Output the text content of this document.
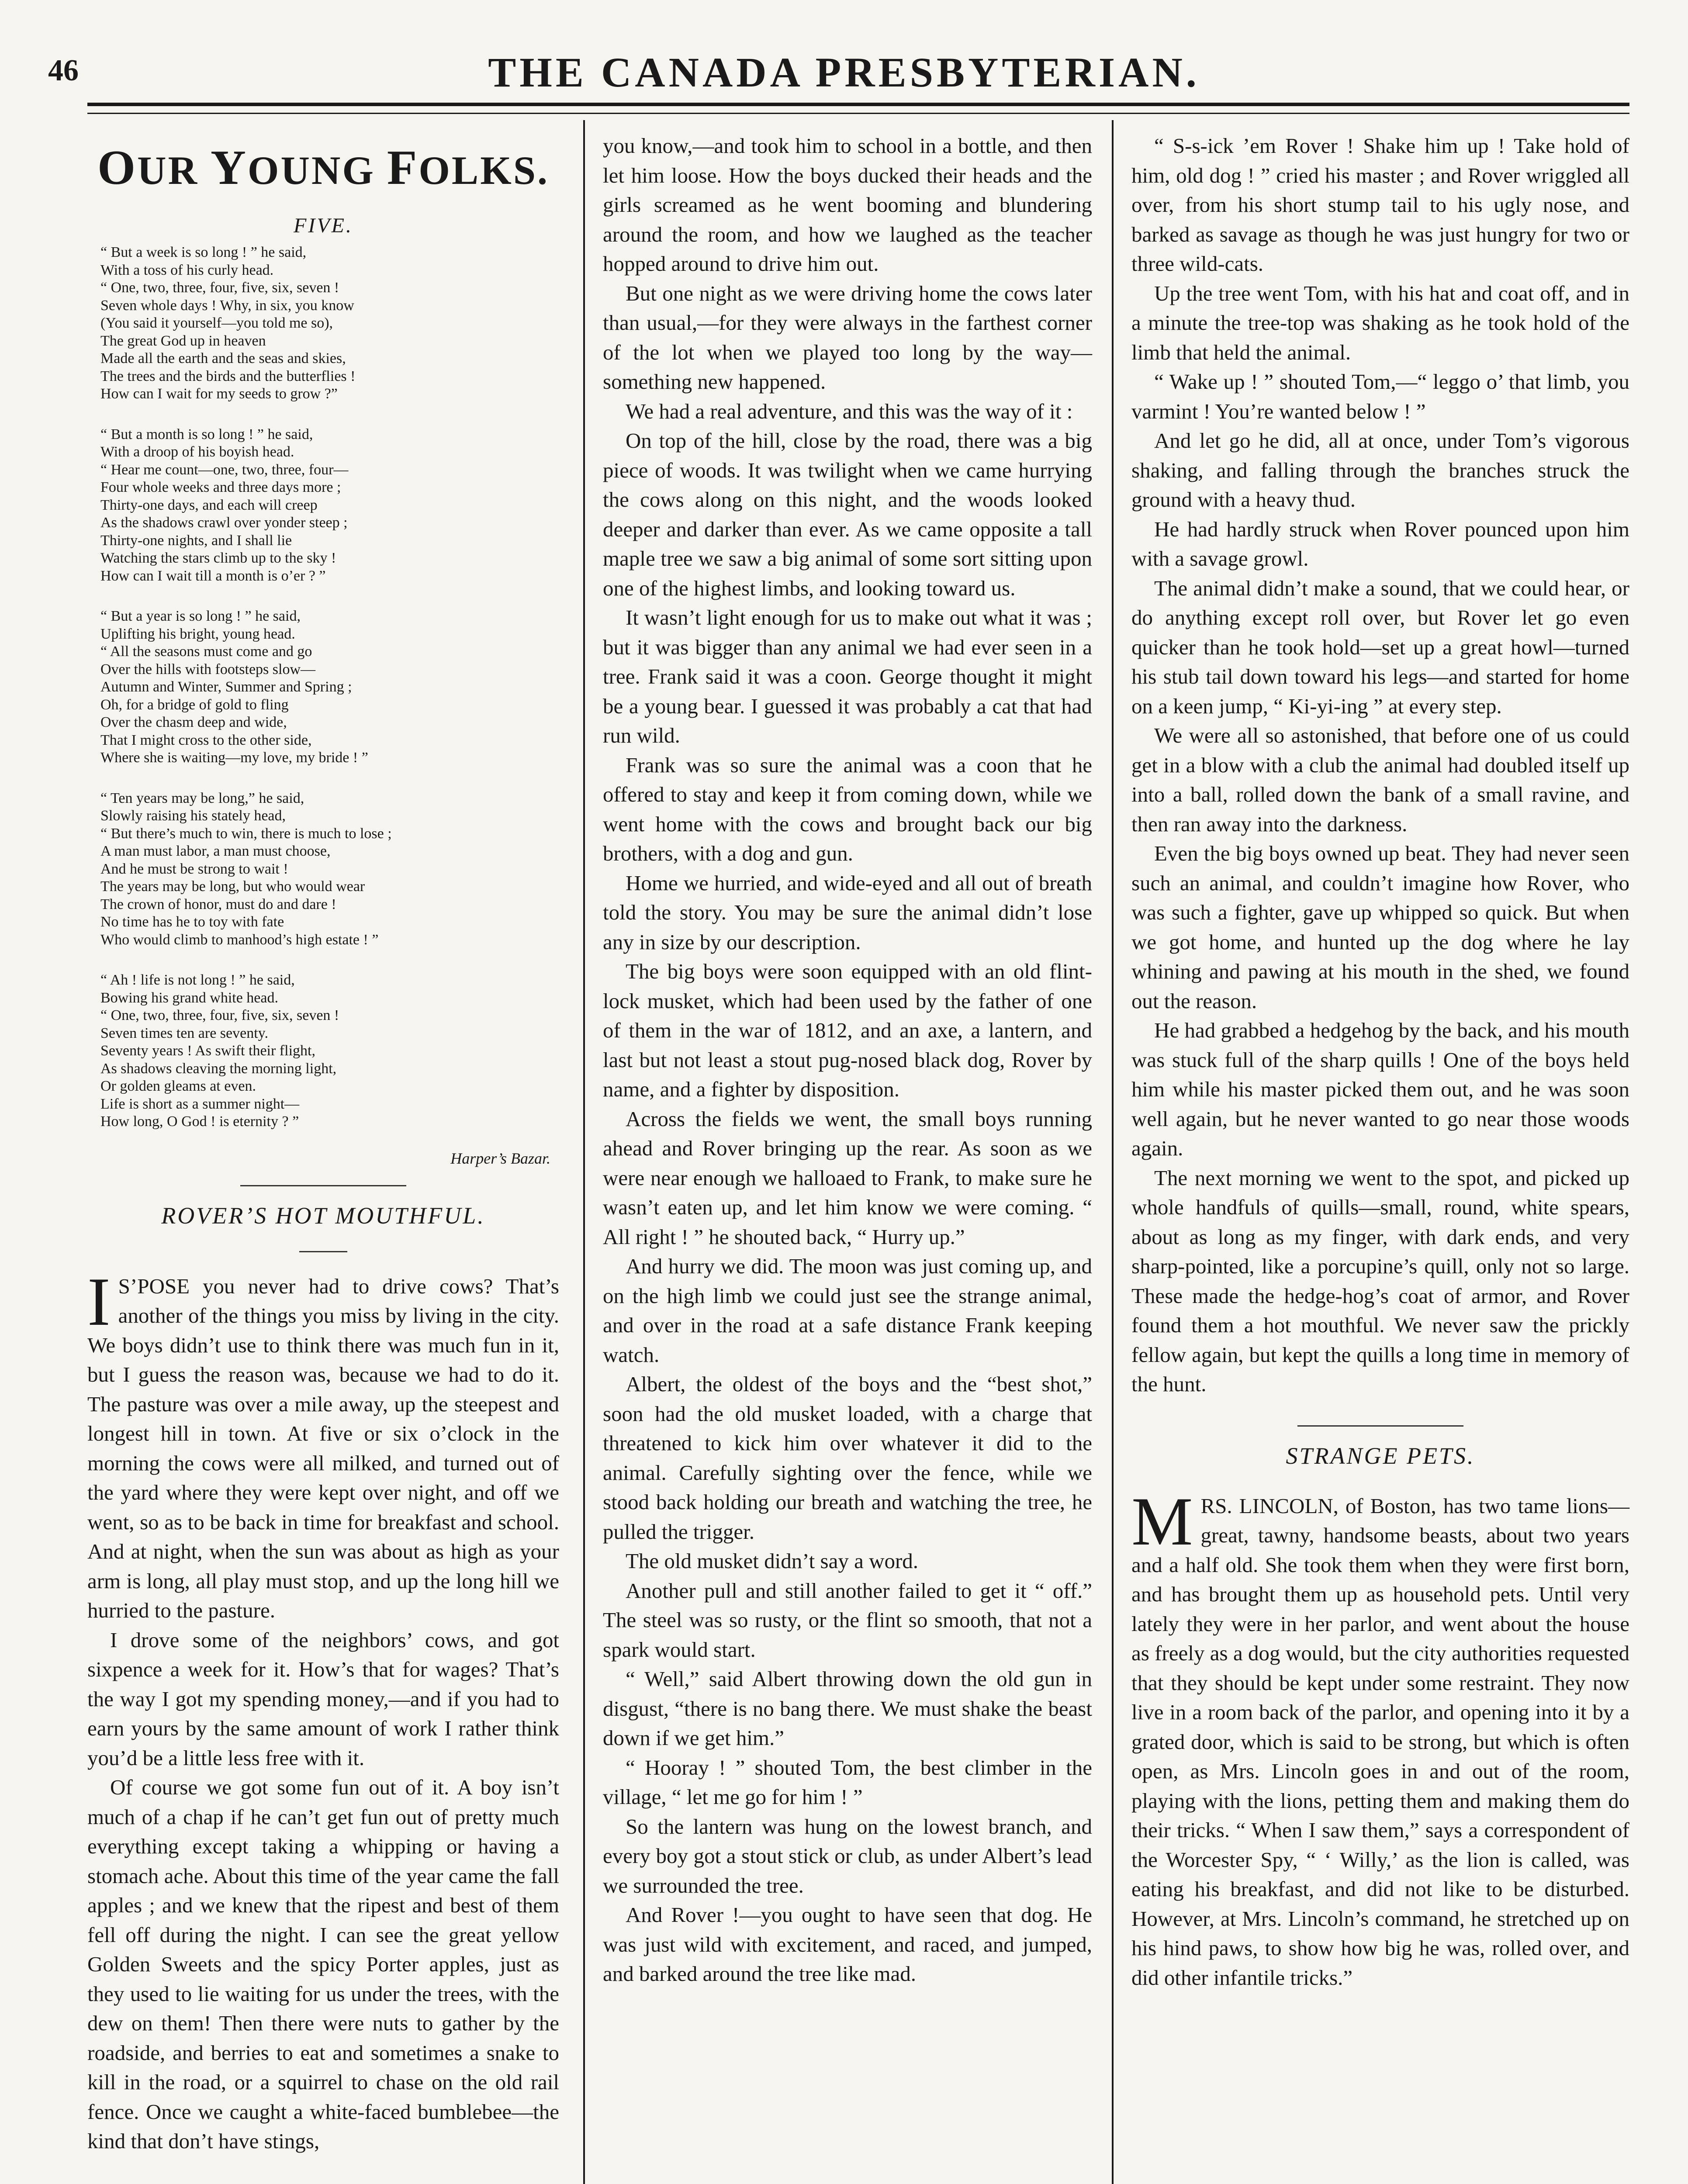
46	THE CANADA PRESBYTERIAN.
OUR YOUNG FOLKS.
FIVE.
“ But a week is so long ! ” he said,
With a toss of his curly head.
“ One, two, three, four, five, six, seven !
Seven whole days ! Why, in six, you know
(You said it yourself—you told me so),
The great God up in heaven
Made all the earth and the seas and skies,
The trees and the birds and the butterflies !
How can I wait for my seeds to grow ?”
“ But a month is so long ! ” he said,
With a droop of his boyish head.
“ Hear me count—one, two, three, four—
Four whole weeks and three days more ;
Thirty-one days, and each will creep
As the shadows crawl over yonder steep ;
Thirty-one nights, and I shall lie
Watching the stars climb up to the sky !
How can I wait till a month is o’er ? ”
“ But a year is so long ! ” he said,
Uplifting his bright, young head.
“ All the seasons must come and go
Over the hills with footsteps slow—
Autumn and Winter, Summer and Spring ;
Oh, for a bridge of gold to fling
Over the chasm deep and wide,
That I might cross to the other side,
Where she is waiting—my love, my bride ! ”
“ Ten years may be long,” he said,
Slowly raising his stately head,
“ But there’s much to win, there is much to lose ;
A man must labor, a man must choose,
And he must be strong to wait !
The years may be long, but who would wear
The crown of honor, must do and dare !
No time has he to toy with fate
Who would climb to manhood’s high estate ! ”
“ Ah ! life is not long ! ” he said,
Bowing his grand white head.
“ One, two, three, four, five, six, seven !
Seven times ten are seventy.
Seventy years ! As swift their flight,
As shadows cleaving the morning light,
Or golden gleams at even.
Life is short as a summer night—
How long, O God ! is eternity ? ”
Harper’s Bazar.
ROVER’S HOT MOUTHFUL.

I S’POSE you never had to drive cows? That’s another of the things you miss by living in the city. We boys didn’t use to think there was much fun in it, but I guess the reason was, because we had to do it. The pasture was over a mile away, up the steepest and longest hill in town. At five or six o’clock in the morning the cows were all milked, and turned out of the yard where they were kept over night, and off we went, so as to be back in time for breakfast and school. And at night, when the sun was about as high as your arm is long, all play must stop, and up the long hill we hurried to the pasture.

I drove some of the neighbors’ cows, and got sixpence a week for it. How’s that for wages? That’s the way I got my spending money,—and if you had to earn yours by the same amount of work I rather think you’d be a little less free with it.

Of course we got some fun out of it. A boy isn’t much of a chap if he can’t get fun out of pretty much everything except taking a whipping or having a stomach ache. About this time of the year came the fall apples ; and we knew that the ripest and best of them fell off during the night. I can see the great yellow Golden Sweets and the spicy Porter apples, just as they used to lie waiting for us under the trees, with the dew on them! Then there were nuts to gather by the roadside, and berries to eat and sometimes a snake to kill in the road, or a squirrel to chase on the old rail fence. Once we caught a white-faced bumblebee—the kind that don’t have stings,

you know,—and took him to school in a bottle, and then let him loose. How the boys ducked their heads and the girls screamed as he went booming and blundering around the room, and how we laughed as the teacher hopped around to drive him out.

But one night as we were driving home the cows later than usual,—for they were always in the farthest corner of the lot when we played too long by the way—something new happened.

We had a real adventure, and this was the way of it :

On top of the hill, close by the road, there was a big piece of woods. It was twilight when we came hurrying the cows along on this night, and the woods looked deeper and darker than ever. As we came opposite a tall maple tree we saw a big animal of some sort sitting upon one of the highest limbs, and looking toward us.

It wasn’t light enough for us to make out what it was ; but it was bigger than any animal we had ever seen in a tree. Frank said it was a coon. George thought it might be a young bear. I guessed it was probably a cat that had run wild.

Frank was so sure the animal was a coon that he offered to stay and keep it from coming down, while we went home with the cows and brought back our big brothers, with a dog and gun.

Home we hurried, and wide-eyed and all out of breath told the story. You may be sure the animal didn’t lose any in size by our description.

The big boys were soon equipped with an old flint-lock musket, which had been used by the father of one of them in the war of 1812, and an axe, a lantern, and last but not least a stout pug-nosed black dog, Rover by name, and a fighter by disposition.

Across the fields we went, the small boys running ahead and Rover bringing up the rear. As soon as we were near enough we halloaed to Frank, to make sure he wasn’t eaten up, and let him know we were coming. “ All right ! ” he shouted back, “ Hurry up.”

And hurry we did. The moon was just coming up, and on the high limb we could just see the strange animal, and over in the road at a safe distance Frank keeping watch.

Albert, the oldest of the boys and the “best shot,” soon had the old musket loaded, with a charge that threatened to kick him over whatever it did to the animal. Carefully sighting over the fence, while we stood back holding our breath and watching the tree, he pulled the trigger.

The old musket didn’t say a word.

Another pull and still another failed to get it “ off.” The steel was so rusty, or the flint so smooth, that not a spark would start.

“ Well,” said Albert throwing down the old gun in disgust, “there is no bang there. We must shake the beast down if we get him.”

“ Hooray ! ” shouted Tom, the best climber in the village, “ let me go for him ! ”

So the lantern was hung on the lowest branch, and every boy got a stout stick or club, as under Albert’s lead we surrounded the tree.

And Rover !—you ought to have seen that dog. He was just wild with excitement, and raced, and jumped, and barked around the tree like mad.

“ S-s-ick ’em Rover ! Shake him up ! Take hold of him, old dog ! ” cried his master ; and Rover wriggled all over, from his short stump tail to his ugly nose, and barked as savage as though he was just hungry for two or three wild-cats.

Up the tree went Tom, with his hat and coat off, and in a minute the tree-top was shaking as he took hold of the limb that held the animal.

“ Wake up ! ” shouted Tom,—“ leggo o’ that limb, you varmint ! You’re wanted below ! ”

And let go he did, all at once, under Tom’s vigorous shaking, and falling through the branches struck the ground with a heavy thud.

He had hardly struck when Rover pounced upon him with a savage growl.

The animal didn’t make a sound, that we could hear, or do anything except roll over, but Rover let go even quicker than he took hold—set up a great howl—turned his stub tail down toward his legs—and started for home on a keen jump, “ Ki-yi-ing ” at every step.

We were all so astonished, that before one of us could get in a blow with a club the animal had doubled itself up into a ball, rolled down the bank of a small ravine, and then ran away into the darkness.

Even the big boys owned up beat. They had never seen such an animal, and couldn’t imagine how Rover, who was such a fighter, gave up whipped so quick. But when we got home, and hunted up the dog where he lay whining and pawing at his mouth in the shed, we found out the reason.

He had grabbed a hedgehog by the back, and his mouth was stuck full of the sharp quills ! One of the boys held him while his master picked them out, and he was soon well again, but he never wanted to go near those woods again.

The next morning we went to the spot, and picked up whole handfuls of quills—small, round, white spears, about as long as my finger, with dark ends, and very sharp-pointed, like a porcupine’s quill, only not so large. These made the hedge-hog’s coat of armor, and Rover found them a hot mouthful. We never saw the prickly fellow again, but kept the quills a long time in memory of the hunt.

STRANGE PETS.

MRS. LINCOLN, of Boston, has two tame lions—great, tawny, handsome beasts, about two years and a half old. She took them when they were first born, and has brought them up as household pets. Until very lately they were in her parlor, and went about the house as freely as a dog would, but the city authorities requested that they should be kept under some restraint. They now live in a room back of the parlor, and opening into it by a grated door, which is said to be strong, but which is often open, as Mrs. Lincoln goes in and out of the room, playing with the lions, petting them and making them do their tricks. “ When I saw them,” says a correspondent of the Worcester Spy, “ ‘ Willy,’ as the lion is called, was eating his breakfast, and did not like to be disturbed. However, at Mrs. Lincoln’s command, he stretched up on his hind paws, to show how big he was, rolled over, and did other infantile tricks.”
